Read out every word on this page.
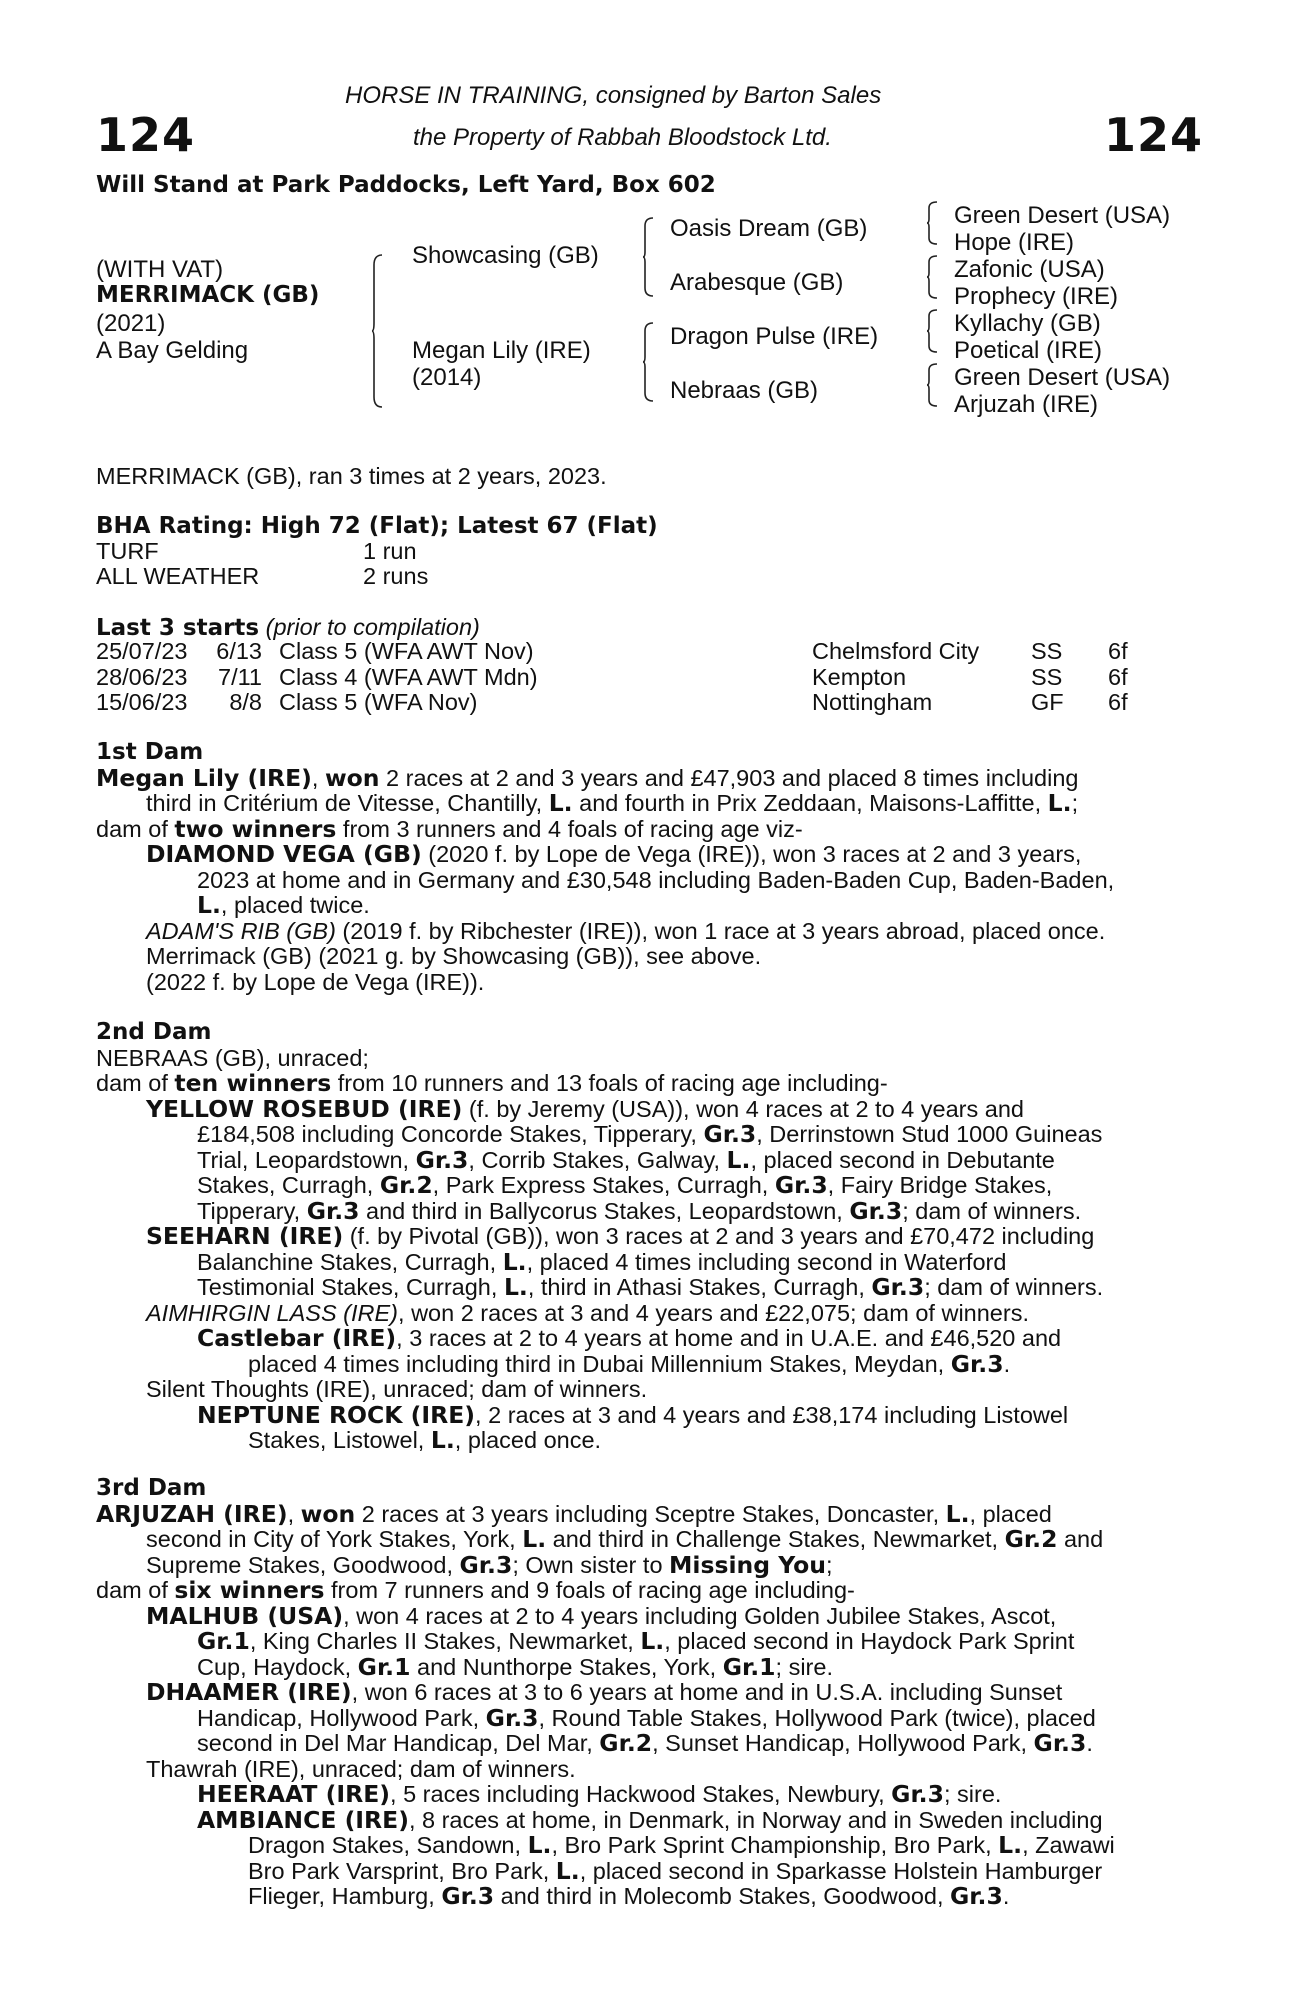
124	124
HORSE IN TRAINING, consigned by Barton Sales
the Property of Rabbah Bloodstock Ltd.
Will Stand at Park Paddocks, Left Yard, Box 602
(WITH VAT)
MERRIMACK (GB)
(2021)
A Bay Gelding
Showcasing (GB)
Megan Lily (IRE)
(2014)
Oasis Dream (GB)
Arabesque (GB)
Dragon Pulse (IRE)
Nebraas (GB)
Green Desert (USA)
Hope (IRE)
Zafonic (USA)
Prophecy (IRE)
Kyllachy (GB)
Poetical (IRE)
Green Desert (USA)
Arjuzah (IRE)
MERRIMACK (GB), ran 3 times at 2 years, 2023.
BHA Rating: High 72 (Flat); Latest 67 (Flat)
TURF	1 run
ALL WEATHER	2 runs
Last 3 starts (prior to compilation)
25/07/23	6/13	Class 5 (WFA AWT Nov)	Chelmsford City	SS	6f
28/06/23	7/11	Class 4 (WFA AWT Mdn)	Kempton	SS	6f
15/06/23	8/8	Class 5 (WFA Nov)	Nottingham	GF	6f
1st Dam
Megan Lily (IRE), won 2 races at 2 and 3 years and £47,903 and placed 8 times including
third in Critérium de Vitesse, Chantilly, L. and fourth in Prix Zeddaan, Maisons-Laffitte, L.;
dam of two winners from 3 runners and 4 foals of racing age viz-
DIAMOND VEGA (GB) (2020 f. by Lope de Vega (IRE)), won 3 races at 2 and 3 years,
2023 at home and in Germany and £30,548 including Baden-Baden Cup, Baden-Baden,
L., placed twice.
ADAM'S RIB (GB) (2019 f. by Ribchester (IRE)), won 1 race at 3 years abroad, placed once.
Merrimack (GB) (2021 g. by Showcasing (GB)), see above.
(2022 f. by Lope de Vega (IRE)).
2nd Dam
NEBRAAS (GB), unraced;
dam of ten winners from 10 runners and 13 foals of racing age including-
YELLOW ROSEBUD (IRE) (f. by Jeremy (USA)), won 4 races at 2 to 4 years and
£184,508 including Concorde Stakes, Tipperary, Gr.3, Derrinstown Stud 1000 Guineas
Trial, Leopardstown, Gr.3, Corrib Stakes, Galway, L., placed second in Debutante
Stakes, Curragh, Gr.2, Park Express Stakes, Curragh, Gr.3, Fairy Bridge Stakes,
Tipperary, Gr.3 and third in Ballycorus Stakes, Leopardstown, Gr.3; dam of winners.
SEEHARN (IRE) (f. by Pivotal (GB)), won 3 races at 2 and 3 years and £70,472 including
Balanchine Stakes, Curragh, L., placed 4 times including second in Waterford
Testimonial Stakes, Curragh, L., third in Athasi Stakes, Curragh, Gr.3; dam of winners.
AIMHIRGIN LASS (IRE), won 2 races at 3 and 4 years and £22,075; dam of winners.
Castlebar (IRE), 3 races at 2 to 4 years at home and in U.A.E. and £46,520 and
placed 4 times including third in Dubai Millennium Stakes, Meydan, Gr.3.
Silent Thoughts (IRE), unraced; dam of winners.
NEPTUNE ROCK (IRE), 2 races at 3 and 4 years and £38,174 including Listowel
Stakes, Listowel, L., placed once.
3rd Dam
ARJUZAH (IRE), won 2 races at 3 years including Sceptre Stakes, Doncaster, L., placed
second in City of York Stakes, York, L. and third in Challenge Stakes, Newmarket, Gr.2 and
Supreme Stakes, Goodwood, Gr.3; Own sister to Missing You;
dam of six winners from 7 runners and 9 foals of racing age including-
MALHUB (USA), won 4 races at 2 to 4 years including Golden Jubilee Stakes, Ascot,
Gr.1, King Charles II Stakes, Newmarket, L., placed second in Haydock Park Sprint
Cup, Haydock, Gr.1 and Nunthorpe Stakes, York, Gr.1; sire.
DHAAMER (IRE), won 6 races at 3 to 6 years at home and in U.S.A. including Sunset
Handicap, Hollywood Park, Gr.3, Round Table Stakes, Hollywood Park (twice), placed
second in Del Mar Handicap, Del Mar, Gr.2, Sunset Handicap, Hollywood Park, Gr.3.
Thawrah (IRE), unraced; dam of winners.
HEERAAT (IRE), 5 races including Hackwood Stakes, Newbury, Gr.3; sire.
AMBIANCE (IRE), 8 races at home, in Denmark, in Norway and in Sweden including
Dragon Stakes, Sandown, L., Bro Park Sprint Championship, Bro Park, L., Zawawi
Bro Park Varsprint, Bro Park, L., placed second in Sparkasse Holstein Hamburger
Flieger, Hamburg, Gr.3 and third in Molecomb Stakes, Goodwood, Gr.3.
